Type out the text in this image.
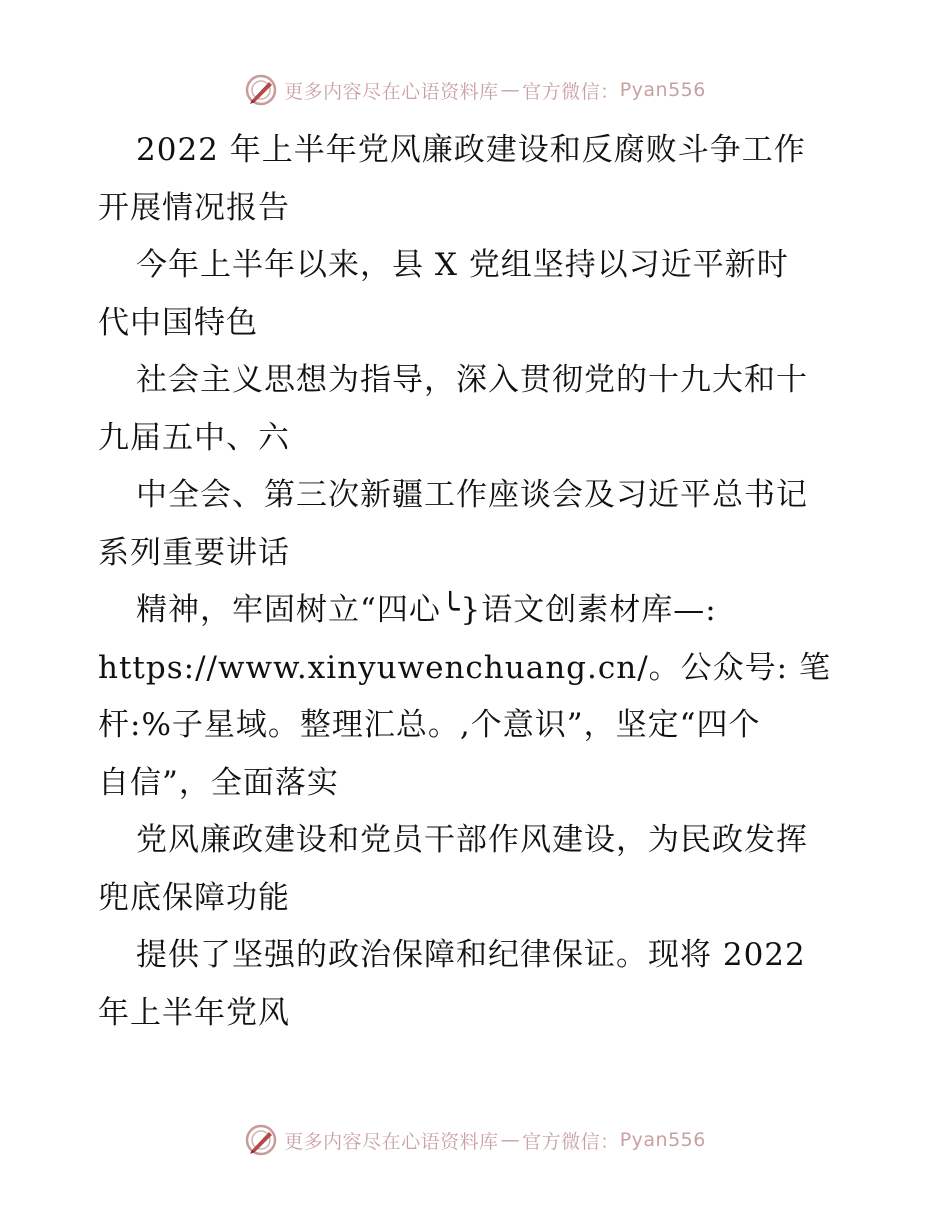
更多内容尽在心语资料库 — 官方微信： Pyan556
2022 年上半年党风廉政建设和反腐败斗争工作
开展情况报告
今年上半年以来，县 X 党组坚持以习近平新时
代中国特色
社会主义思想为指导，深入贯彻党的十九大和十
九届五中、六
中全会、第三次新疆工作座谈会及习近平总书记
系列重要讲话
精神，牢固树立“四心╰}语文创素材库—:
https://www.xinyuwenchuang.cn/。公众号: 笔
杆:%子星域。整理汇总。,个意识”，坚定“四个
自信”，全面落实
党风廉政建设和党员干部作风建设，为民政发挥
兜底保障功能
提供了坚强的政治保障和纪律保证。现将 2022
年上半年党风
更多内容尽在心语资料库 — 官方微信： Pyan556
